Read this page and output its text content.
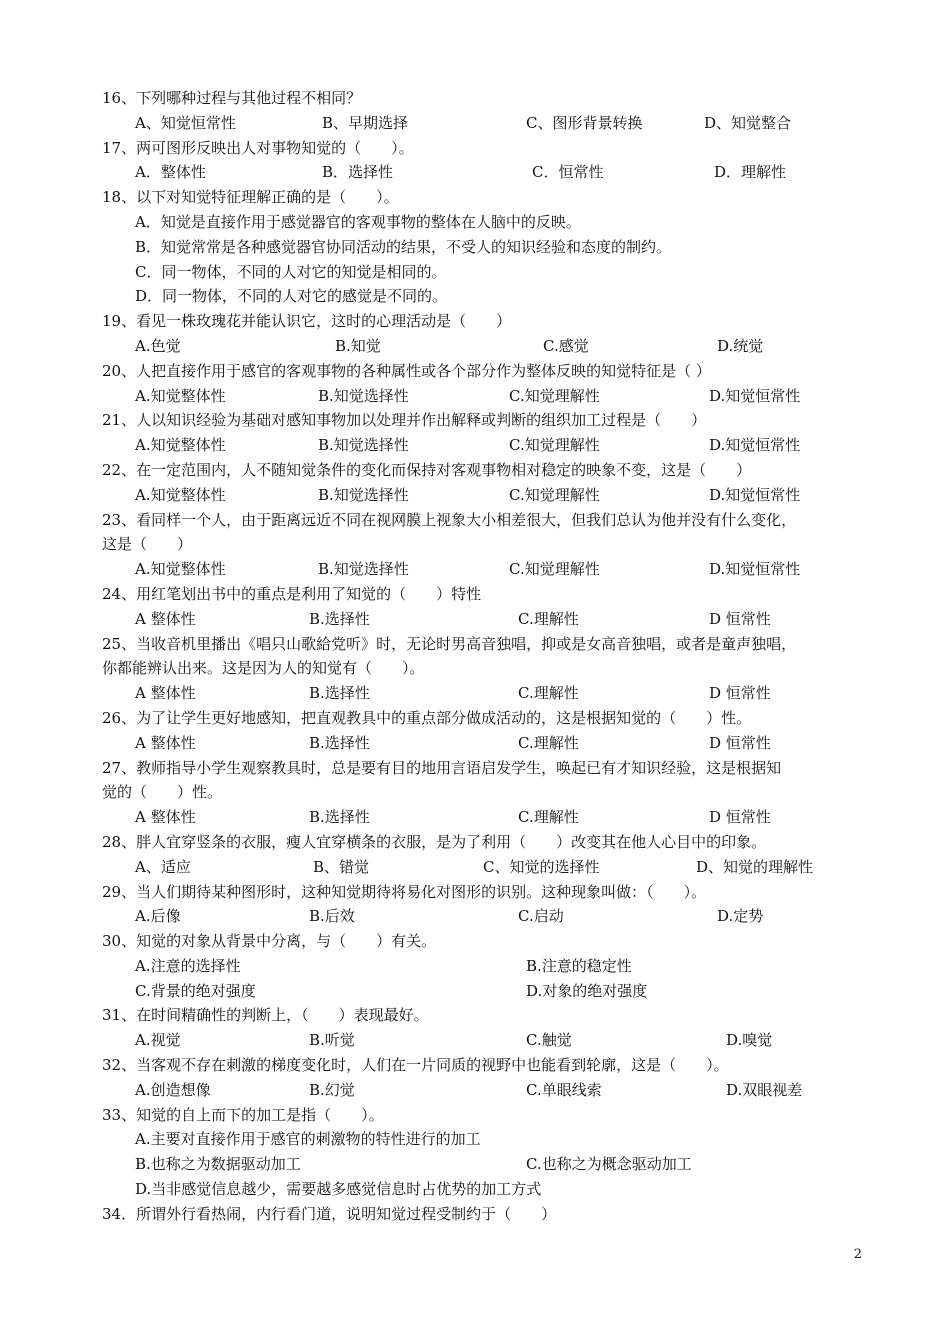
16、下列哪种过程与其他过程不相同？
A、知觉恒常性	B、早期选择	C、图形背景转换	D、知觉整合
17、两可图形反映出人对事物知觉的（　　）。
A．整体性	B．选择性	C．恒常性	D．理解性
18、以下对知觉特征理解正确的是（　　）。
A．知觉是直接作用于感觉器官的客观事物的整体在人脑中的反映。
B．知觉常常是各种感觉器官协同活动的结果，不受人的知识经验和态度的制约。
C．同一物体，不同的人对它的知觉是相同的。
D．同一物体，不同的人对它的感觉是不同的。
19、看见一株玫瑰花并能认识它，这时的心理活动是（　　）
A.色觉	B.知觉	C.感觉	D.统觉
20、人把直接作用于感官的客观事物的各种属性或各个部分作为整体反映的知觉特征是（ ）
A.知觉整体性	B.知觉选择性	C.知觉理解性	D.知觉恒常性
21、人以知识经验为基础对感知事物加以处理并作出解释或判断的组织加工过程是（　　）
A.知觉整体性	B.知觉选择性	C.知觉理解性	D.知觉恒常性
22、在一定范围内，人不随知觉条件的变化而保持对客观事物相对稳定的映象不变，这是（　　）
A.知觉整体性	B.知觉选择性	C.知觉理解性	D.知觉恒常性
23、看同样一个人，由于距离远近不同在视网膜上视象大小相差很大，但我们总认为他并没有什么变化，
这是（　　）
A.知觉整体性	B.知觉选择性	C.知觉理解性	D.知觉恒常性
24、用红笔划出书中的重点是利用了知觉的（　　）特性
A 整体性	B.选择性	C.理解性	D 恒常性
25、当收音机里播出《唱只山歌給党听》时，无论时男高音独唱，抑或是女高音独唱，或者是童声独唱，
你都能辨认出来。这是因为人的知觉有（　　）。
A 整体性	B.选择性	C.理解性	D 恒常性
26、为了让学生更好地感知，把直观教具中的重点部分做成活动的，这是根据知觉的（　　）性。
A 整体性	B.选择性	C.理解性	D 恒常性
27、教师指导小学生观察教具时，总是要有目的地用言语启发学生，唤起已有才知识经验，这是根据知
觉的（　　）性。
A 整体性	B.选择性	C.理解性	D 恒常性
28、胖人宜穿竖条的衣服，瘦人宜穿横条的衣服，是为了利用（　　）改变其在他人心目中的印象。
A、适应	B、错觉	C、知觉的选择性	D、知觉的理解性
29、当人们期待某种图形时，这种知觉期待将易化对图形的识别。这种现象叫做：（　　）。
A.后像	B.后效	C.启动	D.定势
30、知觉的对象从背景中分离，与（　　）有关。
A.注意的选择性	B.注意的稳定性
C.背景的绝对强度	D.对象的绝对强度
31、在时间精确性的判断上，（　　）表现最好。
A.视觉	B.听觉	C.触觉	D.嗅觉
32、当客观不存在刺激的梯度变化时，人们在一片同质的视野中也能看到轮廓，这是（　　）。
A.创造想像	B.幻觉	C.单眼线索	D.双眼视差
33、知觉的自上而下的加工是指（　　）。
A.主要对直接作用于感官的刺激物的特性进行的加工
B.也称之为数据驱动加工	C.也称之为概念驱动加工
D.当非感觉信息越少，需要越多感觉信息时占优势的加工方式
34．所谓外行看热闹，内行看门道，说明知觉过程受制约于（　　）
2
